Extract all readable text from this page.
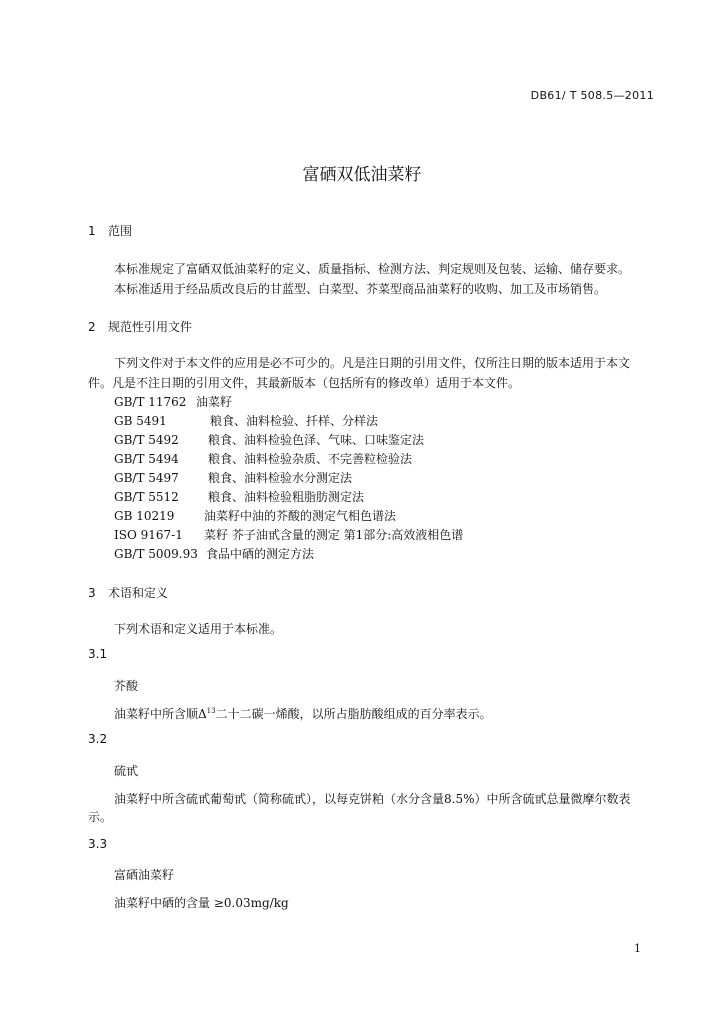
DB61/ T 508.5—2011
富硒双低油菜籽
1 范围
本标准规定了富硒双低油菜籽的定义、质量指标、检测方法、判定规则及包装、运输、储存要求。
本标准适用于经品质改良后的甘蓝型、白菜型、芥菜型商品油菜籽的收购、加工及市场销售。
2 规范性引用文件
下列文件对于本文件的应用是必不可少的。凡是注日期的引用文件，仅所注日期的版本适用于本文
件。凡是不注日期的引用文件，其最新版本（包括所有的修改单）适用于本文件。
GB/T 11762 油菜籽
GB 5491	粮食、油料检验、扦样、分样法
GB/T 5492 粮食、油料检验色泽、气味、口味鉴定法
GB/T 5494 粮食、油料检验杂质、不完善粒检验法
GB/T 5497 粮食、油料检验水分测定法
GB/T 5512 粮食、油料检验粗脂肪测定法
GB 10219 油菜籽中油的芥酸的测定气相色谱法
ISO 9167-1 菜籽 芥子油甙含量的测定 第1部分:高效液相色谱
GB/T 5009.93 食品中硒的测定方法
3 术语和定义
下列术语和定义适用于本标准。
3.1
芥酸
油菜籽中所含顺$\Delta^{13}$二十二碳一烯酸，以所占脂肪酸组成的百分率表示。
3.2
硫甙
油菜籽中所含硫甙葡萄甙（简称硫甙），以每克饼粕（水分含量8.5%）中所含硫甙总量微摩尔数表
示。
3.3
富硒油菜籽
油菜籽中硒的含量 ≥0.03mg/kg
1
